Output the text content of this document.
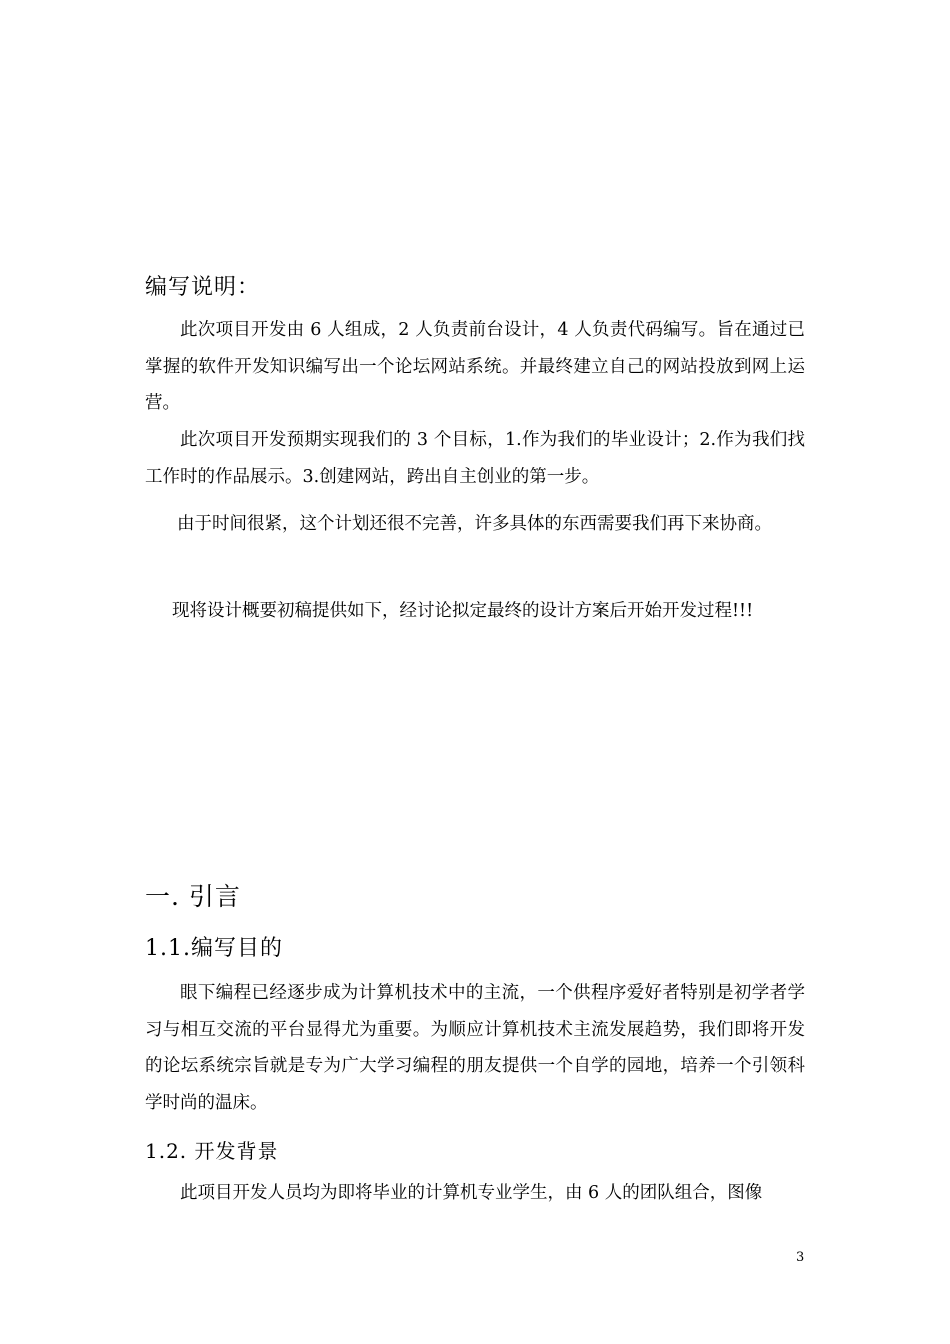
编写说明：

此次项目开发由 6 人组成，2 人负责前台设计，4 人负责代码编写。旨在通过已掌握的软件开发知识编写出一个论坛网站系统。并最终建立自己的网站投放到网上运营。

此次项目开发预期实现我们的 3 个目标，1.作为我们的毕业设计；2.作为我们找工作时的作品展示。3.创建网站，跨出自主创业的第一步。

由于时间很紧，这个计划还很不完善，许多具体的东西需要我们再下来协商。

现将设计概要初稿提供如下，经讨论拟定最终的设计方案后开始开发过程!!!

一. 引言
1.1.编写目的

眼下编程已经逐步成为计算机技术中的主流，一个供程序爱好者特别是初学者学习与相互交流的平台显得尤为重要。为顺应计算机技术主流发展趋势，我们即将开发的论坛系统宗旨就是专为广大学习编程的朋友提供一个自学的园地，培养一个引领科学时尚的温床。

1.2. 开发背景

此项目开发人员均为即将毕业的计算机专业学生，由 6 人的团队组合，图像

3
